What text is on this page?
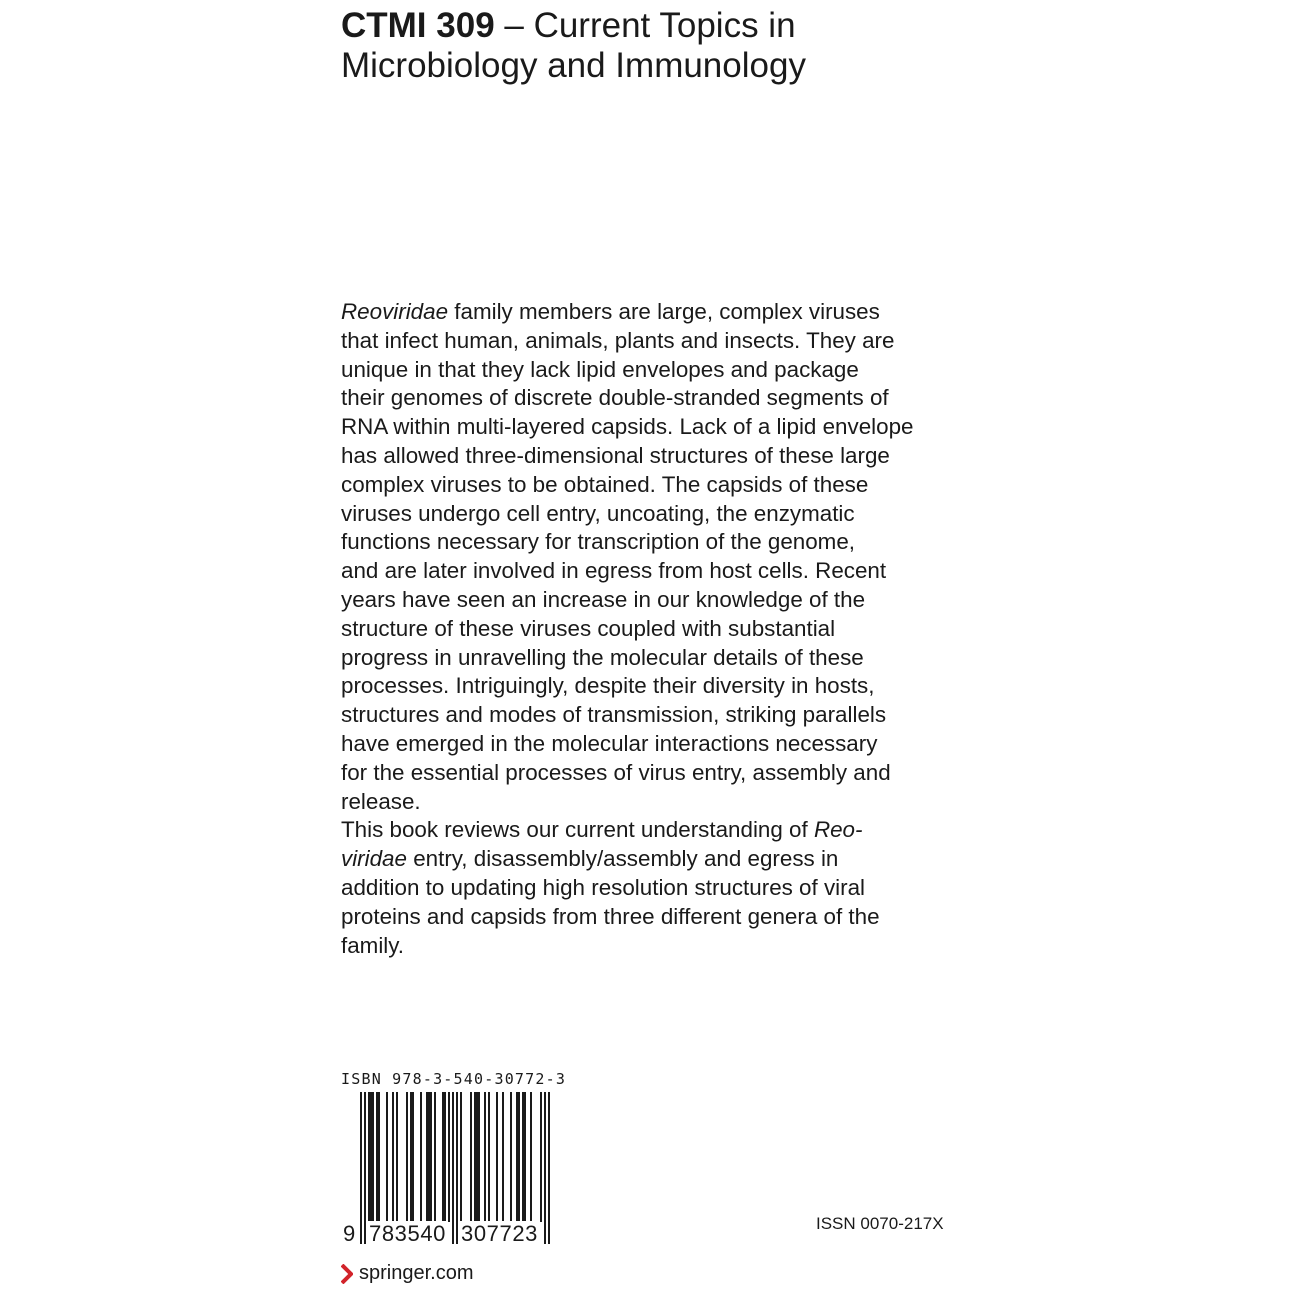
CTMI 309 – Current Topics in
Microbiology and Immunology
Reoviridae family members are large, complex viruses
that infect human, animals, plants and insects. They are
unique in that they lack lipid envelopes and package
their genomes of discrete double-stranded segments of
RNA within multi-layered capsids. Lack of a lipid envelope
has allowed three-dimensional structures of these large
complex viruses to be obtained. The capsids of these
viruses undergo cell entry, uncoating, the enzymatic
functions necessary for transcription of the genome,
and are later involved in egress from host cells. Recent
years have seen an increase in our knowledge of the
structure of these viruses coupled with substantial
progress in unravelling the molecular details of these
processes. Intriguingly, despite their diversity in hosts,
structures and modes of transmission, striking parallels
have emerged in the molecular interactions necessary
for the essential processes of virus entry, assembly and
release.
This book reviews our current understanding of Reo-
viridae entry, disassembly/assembly and egress in
addition to updating high resolution structures of viral
proteins and capsids from three different genera of the
family.
ISBN 978-3-540-30772-3
9 783540 307723	ISSN 0070-217X
springer.com
